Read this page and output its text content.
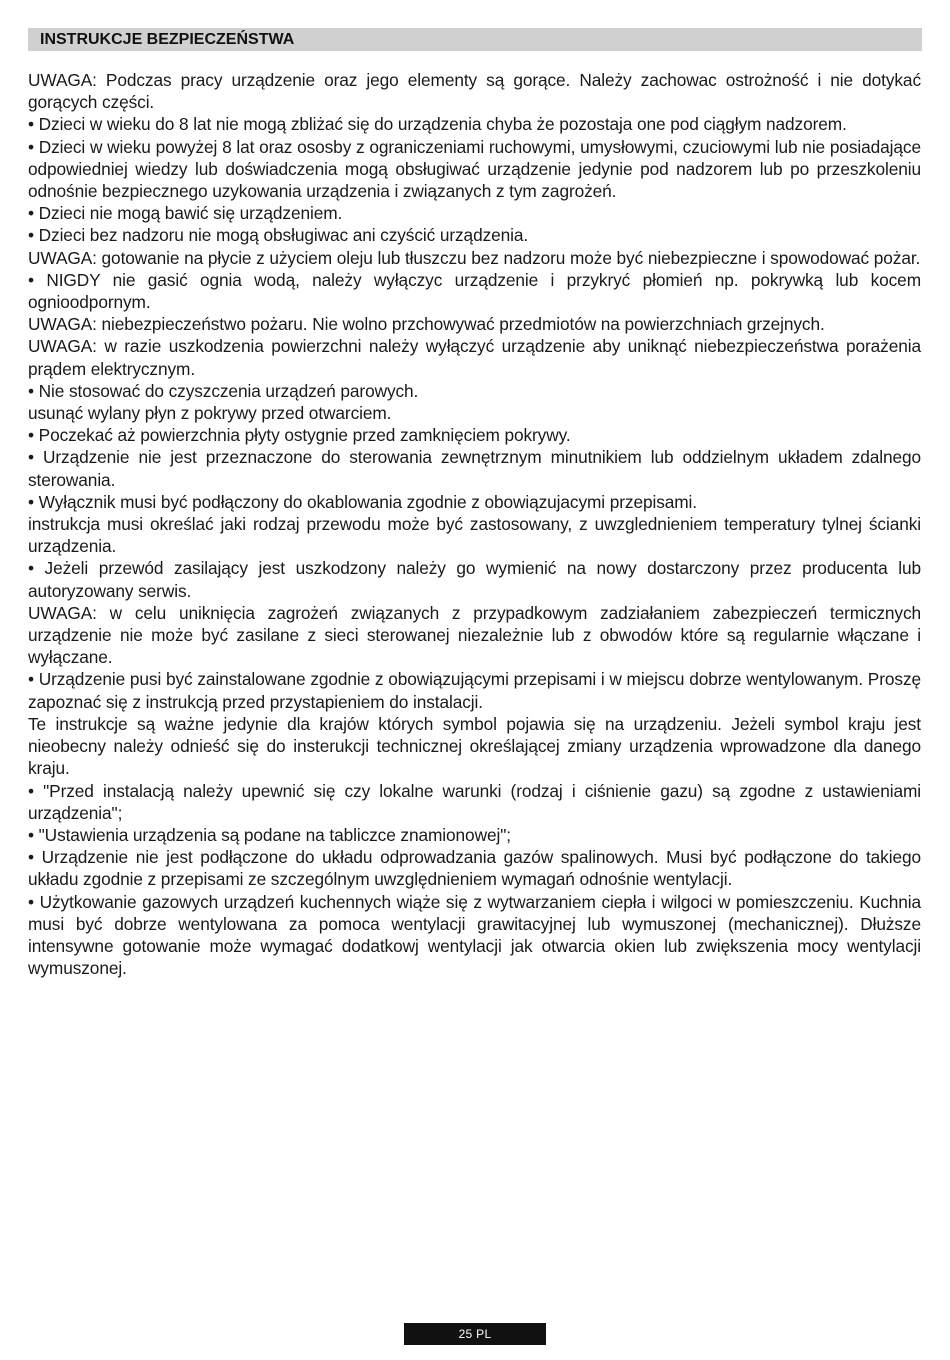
INSTRUKCJE BEZPIECZEŃSTWA

UWAGA: Podczas pracy urządzenie oraz jego elementy są gorące. Należy zachowac ostrożność i nie dotykać gorących części.

• Dzieci w wieku do 8 lat nie mogą zbliżać się do urządzenia chyba że pozostaja one pod ciągłym nadzorem.

• Dzieci w wieku powyżej 8 lat oraz ososby z ograniczeniami ruchowymi, umysłowymi, czuciowymi lub nie posiadające odpowiedniej wiedzy lub doświadczenia mogą obsługiwać urządzenie jedynie pod nadzorem lub po przeszkoleniu odnośnie bezpiecznego uzykowania urządzenia i związanych z tym zagrożeń.

• Dzieci nie mogą bawić się urządzeniem.

• Dzieci bez nadzoru nie mogą obsługiwac ani czyścić urządzenia.

UWAGA: gotowanie na płycie z użyciem oleju lub tłuszczu bez nadzoru może być niebezpieczne i spowodować pożar.

• NIGDY nie gasić ognia wodą, należy wyłączyc urządzenie i przykryć płomień np. pokrywką lub kocem ognioodpornym.

UWAGA: niebezpieczeństwo pożaru. Nie wolno przchowywać przedmiotów na powierzchniach grzejnych.

UWAGA: w razie uszkodzenia powierzchni należy wyłączyć urządzenie aby uniknąć niebezpieczeństwa porażenia prądem elektrycznym.

• Nie stosować do czyszczenia urządzeń parowych.

usunąć wylany płyn z pokrywy przed otwarciem.

• Poczekać aż powierzchnia płyty ostygnie przed zamknięciem pokrywy.

• Urządzenie nie jest przeznaczone do sterowania zewnętrznym minutnikiem lub oddzielnym układem zdalnego sterowania.

• Wyłącznik musi być podłączony do okablowania zgodnie z obowiązujacymi przepisami.

instrukcja musi określać jaki rodzaj przewodu może być zastosowany, z uwzglednieniem temperatury tylnej ścianki urządzenia.

• Jeżeli przewód zasilający jest uszkodzony należy go wymienić na nowy dostarczony przez producenta lub autoryzowany serwis.

UWAGA: w celu uniknięcia zagrożeń związanych z przypadkowym zadziałaniem zabezpieczeń termicznych urządzenie nie może być zasilane z sieci sterowanej niezależnie lub z obwodów które są regularnie włączane i wyłączane.

• Urządzenie pusi być zainstalowane zgodnie z obowiązującymi przepisami i w miejscu dobrze wentylowanym. Proszę zapoznać się z instrukcją przed przystapieniem do instalacji.

Te instrukcje są ważne jedynie dla krajów których symbol pojawia się na urządzeniu. Jeżeli symbol kraju jest nieobecny należy odnieść się do insterukcji technicznej określającej zmiany urządzenia wprowadzone dla danego kraju.

• "Przed instalacją należy upewnić się czy lokalne warunki (rodzaj i ciśnienie gazu) są zgodne z ustawieniami urządzenia";

• "Ustawienia urządzenia są podane na tabliczce znamionowej";

• Urządzenie nie jest podłączone do układu odprowadzania gazów spalinowych. Musi być podłączone do takiego układu zgodnie z przepisami ze szczególnym uwzględnieniem wymagań odnośnie wentylacji.

• Użytkowanie gazowych urządzeń kuchennych wiąże się z wytwarzaniem ciepła i wilgoci w pomieszczeniu. Kuchnia musi być dobrze wentylowana za pomoca wentylacji grawitacyjnej lub wymuszonej (mechanicznej). Dłuższe intensywne gotowanie może wymagać dodatkowj wentylacji jak otwarcia okien lub zwiększenia mocy wentylacji wymuszonej.

25 PL
